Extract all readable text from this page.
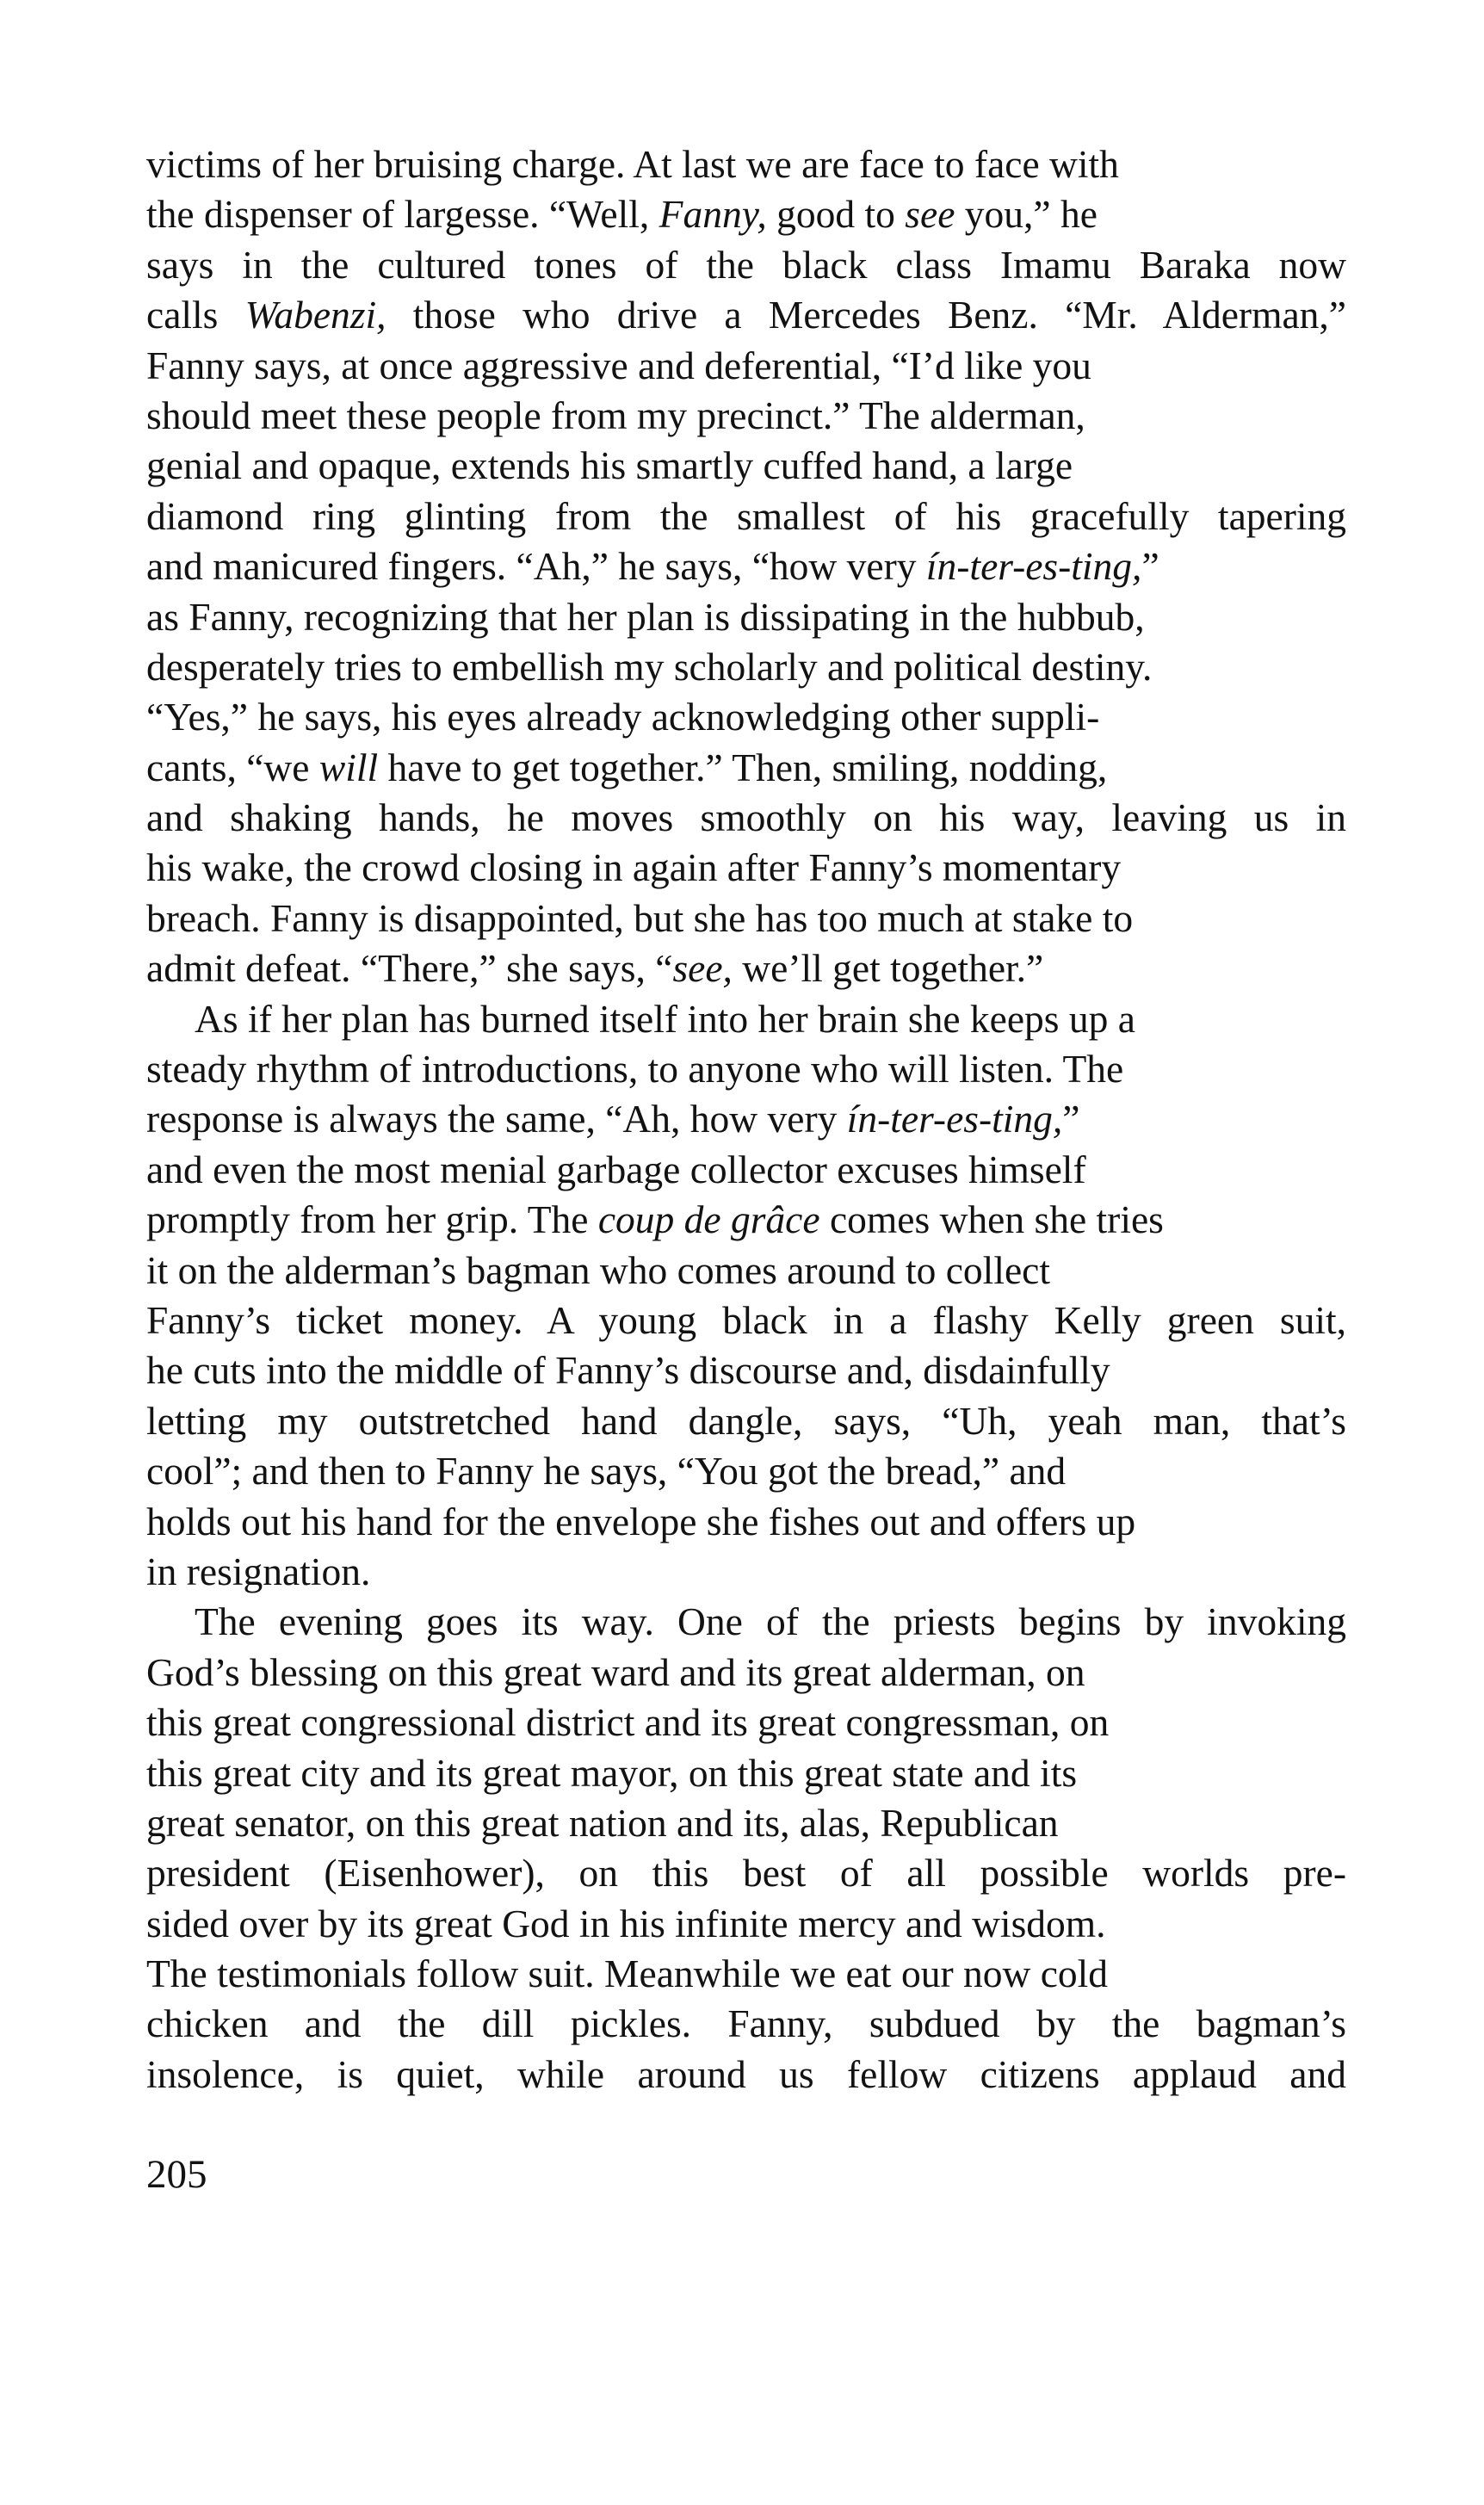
victims of her bruising charge. At last we are face to face with
the dispenser of largesse. “Well, Fanny, good to see you,” he
says in the cultured tones of the black class Imamu Baraka now
calls Wabenzi, those who drive a Mercedes Benz. “Mr. Alderman,”
Fanny says, at once aggressive and deferential, “I’d like you
should meet these people from my precinct.” The alderman,
genial and opaque, extends his smartly cuffed hand, a large
diamond ring glinting from the smallest of his gracefully tapering
and manicured fingers. “Ah,” he says, “how very ín-ter-es-ting,”
as Fanny, recognizing that her plan is dissipating in the hubbub,
desperately tries to embellish my scholarly and political destiny.
“Yes,” he says, his eyes already acknowledging other suppli-
cants, “we will have to get together.” Then, smiling, nodding,
and shaking hands, he moves smoothly on his way, leaving us in
his wake, the crowd closing in again after Fanny’s momentary
breach. Fanny is disappointed, but she has too much at stake to
admit defeat. “There,” she says, “see, we’ll get together.”
As if her plan has burned itself into her brain she keeps up a
steady rhythm of introductions, to anyone who will listen. The
response is always the same, “Ah, how very ín-ter-es-ting,”
and even the most menial garbage collector excuses himself
promptly from her grip. The coup de grâce comes when she tries
it on the alderman’s bagman who comes around to collect
Fanny’s ticket money. A young black in a flashy Kelly green suit,
he cuts into the middle of Fanny’s discourse and, disdainfully
letting my outstretched hand dangle, says, “Uh, yeah man, that’s
cool”; and then to Fanny he says, “You got the bread,” and
holds out his hand for the envelope she fishes out and offers up
in resignation.
The evening goes its way. One of the priests begins by invoking
God’s blessing on this great ward and its great alderman, on
this great congressional district and its great congressman, on
this great city and its great mayor, on this great state and its
great senator, on this great nation and its, alas, Republican
president (Eisenhower), on this best of all possible worlds pre-
sided over by its great God in his infinite mercy and wisdom.
The testimonials follow suit. Meanwhile we eat our now cold
chicken and the dill pickles. Fanny, subdued by the bagman’s
insolence, is quiet, while around us fellow citizens applaud and
205
